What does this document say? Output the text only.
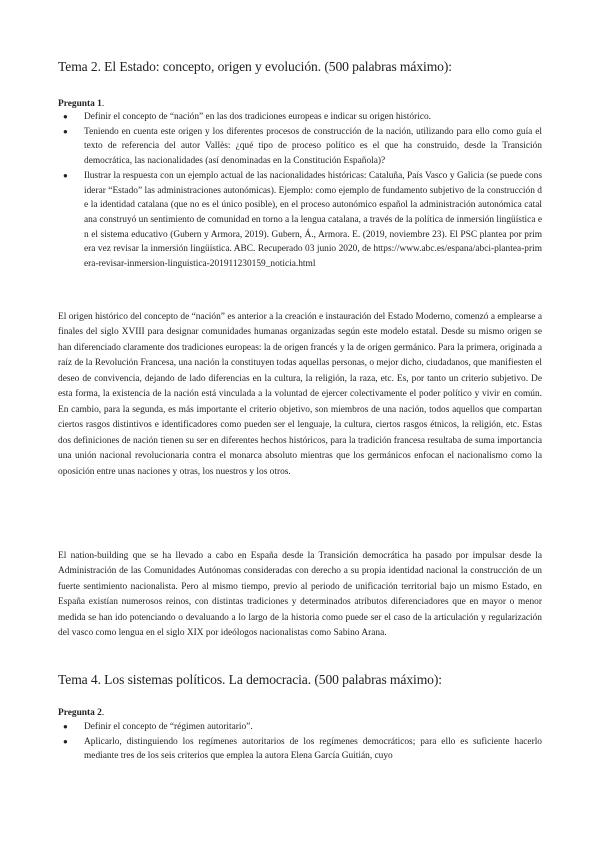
Tema 2. El Estado: concepto, origen y evolución. (500 palabras máximo):
Pregunta 1.
● Definir el concepto de “nación” en las dos tradiciones europeas e indicar su origen histórico.
● Teniendo en cuenta este origen y los diferentes procesos de construcción de la nación, utilizando para ello como guía el texto de referencia del autor Vallès: ¿qué tipo de proceso político es el que ha construido, desde la Transición democrática, las nacionalidades (así denominadas en la Constitución Española)?
● Ilustrar la respuesta con un ejemplo actual de las nacionalidades históricas: Cataluña, País Vasco y Galicia (se puede considerar “Estado” las administraciones autonómicas). Ejemplo: como ejemplo de fundamento subjetivo de la construcción de la identidad catalana (que no es el único posible), en el proceso autonómico español la administración autonómica catalana construyó un sentimiento de comunidad en torno a la lengua catalana, a través de la política de inmersión lingüística en el sistema educativo (Gubern y Armora, 2019). Gubern, Á., Armora. E. (2019, noviembre 23). El PSC plantea por primera vez revisar la inmersión lingüística. ABC. Recuperado 03 junio 2020, de https://www.abc.es/espana/abci-plantea-primera-revisar-inmersion-linguistica-201911230159_noticia.html

El origen histórico del concepto de “nación” es anterior a la creación e instauración del Estado Moderno, comenzó a emplearse a finales del siglo XVIII para designar comunidades humanas organizadas según este modelo estatal. Desde su mismo origen se han diferenciado claramente dos tradiciones europeas: la de origen francés y la de origen germánico. Para la primera, originada a raíz de la Revolución Francesa, una nación la constituyen todas aquellas personas, o mejor dicho, ciudadanos, que manifiesten el deseo de convivencia, dejando de lado diferencias en la cultura, la religión, la raza, etc. Es, por tanto un criterio subjetivo. De esta forma, la existencia de la nación está vinculada a la voluntad de ejercer colectivamente el poder político y vivir en común. En cambio, para la segunda, es más importante el criterio objetivo, son miembros de una nación, todos aquellos que compartan ciertos rasgos distintivos e identificadores como pueden ser el lenguaje, la cultura, ciertos rasgos étnicos, la religión, etc. Estas dos definiciones de nación tienen su ser en diferentes hechos históricos, para la tradición francesa resultaba de suma importancia una unión nacional revolucionaria contra el monarca absoluto mientras que los germánicos enfocan el nacionalismo como la oposición entre unas naciones y otras, los nuestros y los otros.

El nation-building que se ha llevado a cabo en España desde la Transición democrática ha pasado por impulsar desde la Administración de las Comunidades Autónomas consideradas con derecho a su propia identidad nacional la construcción de un fuerte sentimiento nacionalista. Pero al mismo tiempo, previo al periodo de unificación territorial bajo un mismo Estado, en España existían numerosos reinos, con distintas tradiciones y determinados atributos diferenciadores que en mayor o menor medida se han ido potenciando o devaluando a lo largo de la historia como puede ser el caso de la articulación y regularización del vasco como lengua en el siglo XIX por ideólogos nacionalistas como Sabino Arana.

Tema 4. Los sistemas políticos. La democracia. (500 palabras máximo):
Pregunta 2.
● Definir el concepto de “régimen autoritario”.
● Aplicarlo, distinguiendo los regímenes autoritarios de los regímenes democráticos; para ello es suficiente hacerlo mediante tres de los seis criterios que emplea la autora Elena García Guitián, cuyo
